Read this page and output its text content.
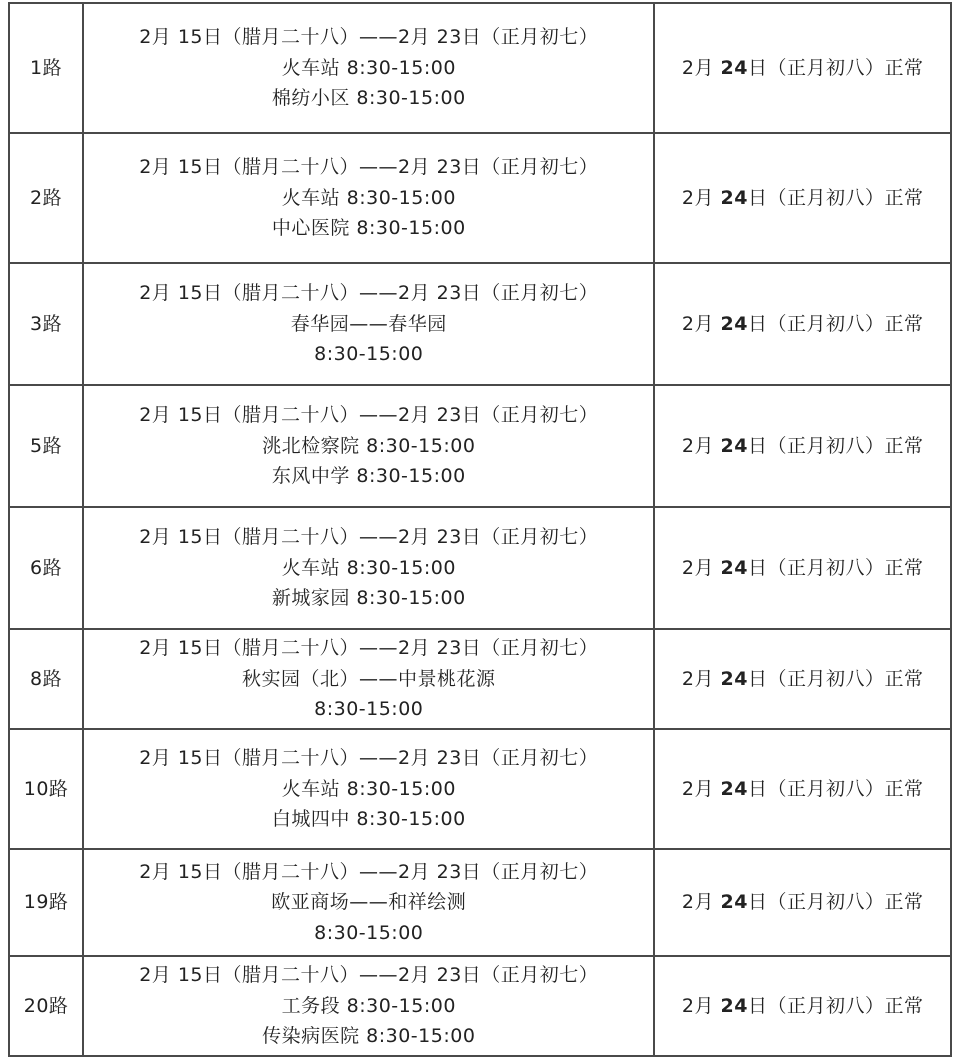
1路	2月 15日（腊月二十八）——2月 23日（正月初七）
火车站 8:30-15:00
棉纺小区 8:30-15:00	2月 24日（正月初八）正常
2路	2月 15日（腊月二十八）——2月 23日（正月初七）
火车站 8:30-15:00
中心医院 8:30-15:00	2月 24日（正月初八）正常
3路	2月 15日（腊月二十八）——2月 23日（正月初七）
春华园——春华园
8:30-15:00	2月 24日（正月初八）正常
5路	2月 15日（腊月二十八）——2月 23日（正月初七）
洮北检察院 8:30-15:00
东风中学 8:30-15:00	2月 24日（正月初八）正常
6路	2月 15日（腊月二十八）——2月 23日（正月初七）
火车站 8:30-15:00
新城家园 8:30-15:00	2月 24日（正月初八）正常
8路	2月 15日（腊月二十八）——2月 23日（正月初七）
秋实园（北）——中景桃花源
8:30-15:00	2月 24日（正月初八）正常
10路	2月 15日（腊月二十八）——2月 23日（正月初七）
火车站 8:30-15:00
白城四中 8:30-15:00	2月 24日（正月初八）正常
19路	2月 15日（腊月二十八）——2月 23日（正月初七）
欧亚商场——和祥绘测
8:30-15:00	2月 24日（正月初八）正常
20路	2月 15日（腊月二十八）——2月 23日（正月初七）
工务段 8:30-15:00
传染病医院 8:30-15:00	2月 24日（正月初八）正常
